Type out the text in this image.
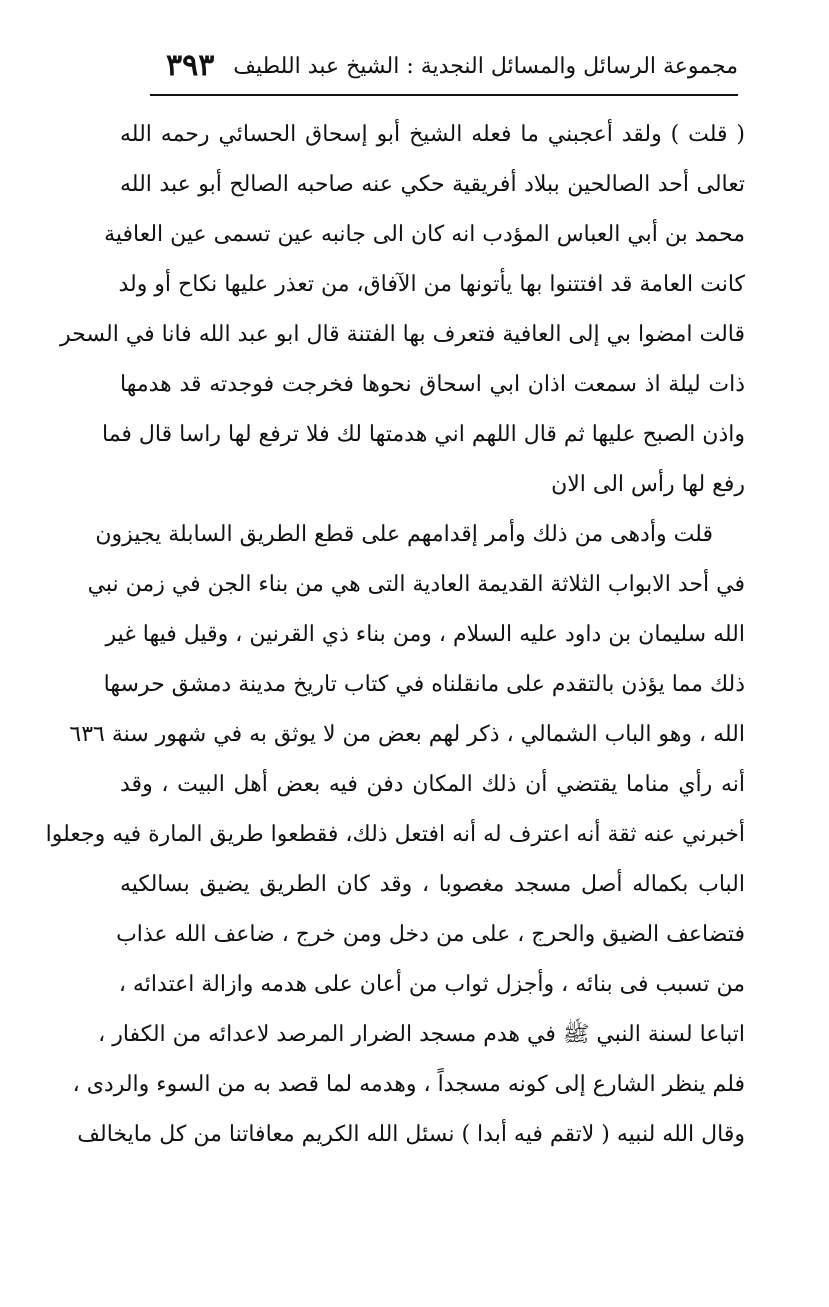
مجموعة الرسائل والمسائل النجدية : الشيخ عبد اللطيف
٣٩٣
( قلت ) ولقد أعجبني ما فعله الشيخ أبو إسحاق الحسائي رحمه الله
تعالى أحد الصالحين ببلاد أفريقية حكي عنه صاحبه الصالح أبو عبد الله
محمد بن أبي العباس المؤدب انه كان الى جانبه عين تسمى عين العافية
كانت العامة قد افتتنوا بها يأتونها من الآفاق، من تعذر عليها نكاح أو ولد
قالت امضوا بي إلى العافية فتعرف بها الفتنة قال ابو عبد الله فانا في السحر
ذات ليلة اذ سمعت اذان ابي اسحاق نحوها فخرجت فوجدته قد هدمها
واذن الصبح عليها ثم قال اللهم اني هدمتها لك فلا ترفع لها راسا قال فما
رفع لها رأس الى الان
قلت وأدهى من ذلك وأمر إقدامهم على قطع الطريق السابلة يجيزون
في أحد الابواب الثلاثة القديمة العادية التى هي من بناء الجن في زمن نبي
الله سليمان بن داود عليه السلام ، ومن بناء ذي القرنين ، وقيل فيها غير
ذلك مما يؤذن بالتقدم على مانقلناه في كتاب تاريخ مدينة دمشق حرسها
الله ، وهو الباب الشمالي ، ذكر لهم بعض من لا يوثق به في شهور سنة ٦٣٦
أنه رأي مناما يقتضي أن ذلك المكان دفن فيه بعض أهل البيت ، وقد
أخبرني عنه ثقة أنه اعترف له أنه افتعل ذلك، فقطعوا طريق المارة فيه وجعلوا
الباب بكماله أصل مسجد مغصوبا ، وقد كان الطريق يضيق بسالكيه
فتضاعف الضيق والحرج ، على من دخل ومن خرج ، ضاعف الله عذاب
من تسبب فى بنائه ، وأجزل ثواب من أعان على هدمه وازالة اعتدائه ،
اتباعا لسنة النبي ﷺ في هدم مسجد الضرار المرصد لاعدائه من الكفار ،
فلم ينظر الشارع إلى كونه مسجداً ، وهدمه لما قصد به من السوء والردى ،
وقال الله لنبيه ( لاتقم فيه أبدا ) نسئل الله الكريم معافاتنا من كل مايخالف
